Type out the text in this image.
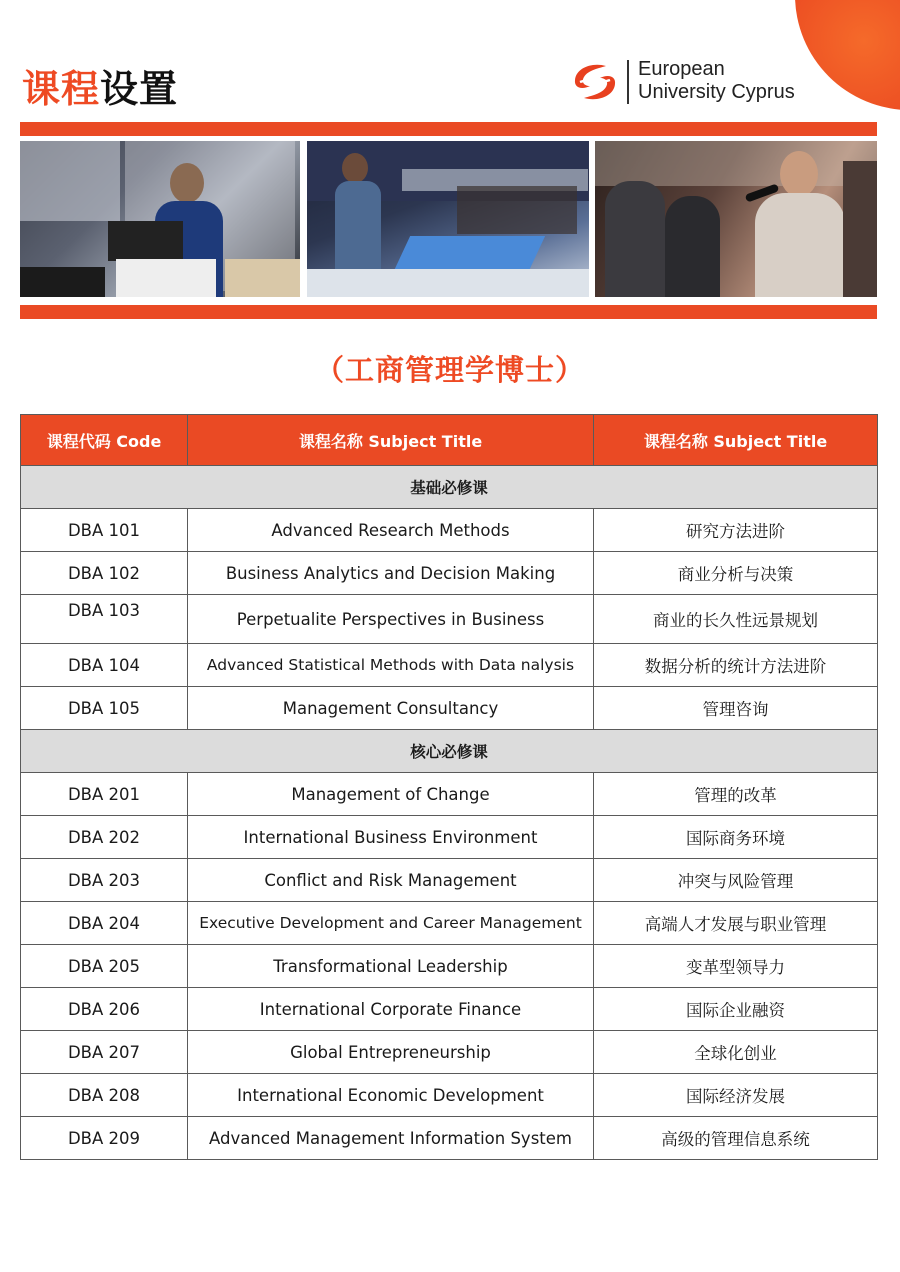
课程设置	European
University Cyprus
（工商管理学博士）
课程代码 Code	课程名称 Subject Title	课程名称 Subject Title
基础必修课		
DBA 101	Advanced Research Methods	研究方法进阶
DBA 102	Business Analytics and Decision Making	商业分析与决策
DBA 103	Perpetualite Perspectives in Business	商业的长久性远景规划
DBA 104	Advanced Statistical Methods with Data nalysis	数据分析的统计方法进阶
DBA 105	Management Consultancy	管理咨询
核心必修课		
DBA 201	Management of Change	管理的改革
DBA 202	International Business Environment	国际商务环境
DBA 203	Conflict and Risk Management	冲突与风险管理
DBA 204	Executive Development and Career Management	高端人才发展与职业管理
DBA 205	Transformational Leadership	变革型领导力
DBA 206	International Corporate Finance	国际企业融资
DBA 207	Global Entrepreneurship	全球化创业
DBA 208	International Economic Development	国际经济发展
DBA 209	Advanced Management Information System	高级的管理信息系统
